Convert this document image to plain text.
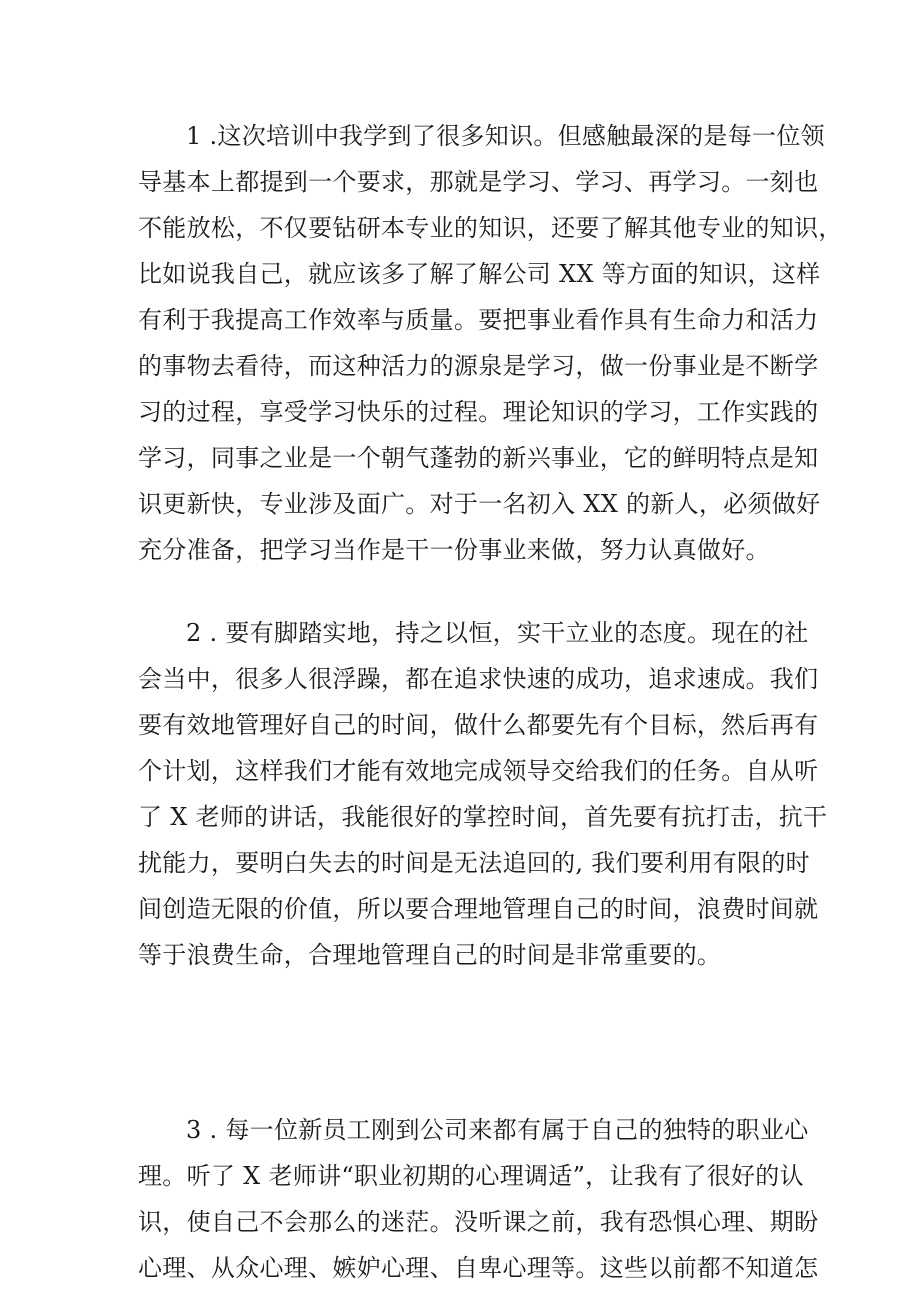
1 .这次培训中我学到了很多知识。但感触最深的是每一位领
导基本上都提到一个要求，那就是学习、学习、再学习。一刻也
不能放松，不仅要钻研本专业的知识，还要了解其他专业的知识，
比如说我自己，就应该多了解了解公司 XX 等方面的知识，这样
有利于我提高工作效率与质量。要把事业看作具有生命力和活力
的事物去看待，而这种活力的源泉是学习，做一份事业是不断学
习的过程，享受学习快乐的过程。理论知识的学习，工作实践的
学习，同事之业是一个朝气蓬勃的新兴事业，它的鲜明特点是知
识更新快，专业涉及面广。对于一名初入 XX 的新人，必须做好
充分准备，把学习当作是干一份事业来做，努力认真做好。
2 . 要有脚踏实地，持之以恒，实干立业的态度。现在的社
会当中，很多人很浮躁，都在追求快速的成功，追求速成。我们
要有效地管理好自己的时间，做什么都要先有个目标，然后再有
个计划，这样我们才能有效地完成领导交给我们的任务。自从听
了 X 老师的讲话，我能很好的掌控时间，首先要有抗打击，抗干
扰能力，要明白失去的时间是无法追回的, 我们要利用有限的时
间创造无限的价值，所以要合理地管理自己的时间，浪费时间就
等于浪费生命，合理地管理自己的时间是非常重要的。
3 . 每一位新员工刚到公司来都有属于自己的独特的职业心
理。听了 X 老师讲“职业初期的心理调适”，让我有了很好的认
识，使自己不会那么的迷茫。没听课之前，我有恐惧心理、期盼
心理、从众心理、嫉妒心理、自卑心理等。这些以前都不知道怎
